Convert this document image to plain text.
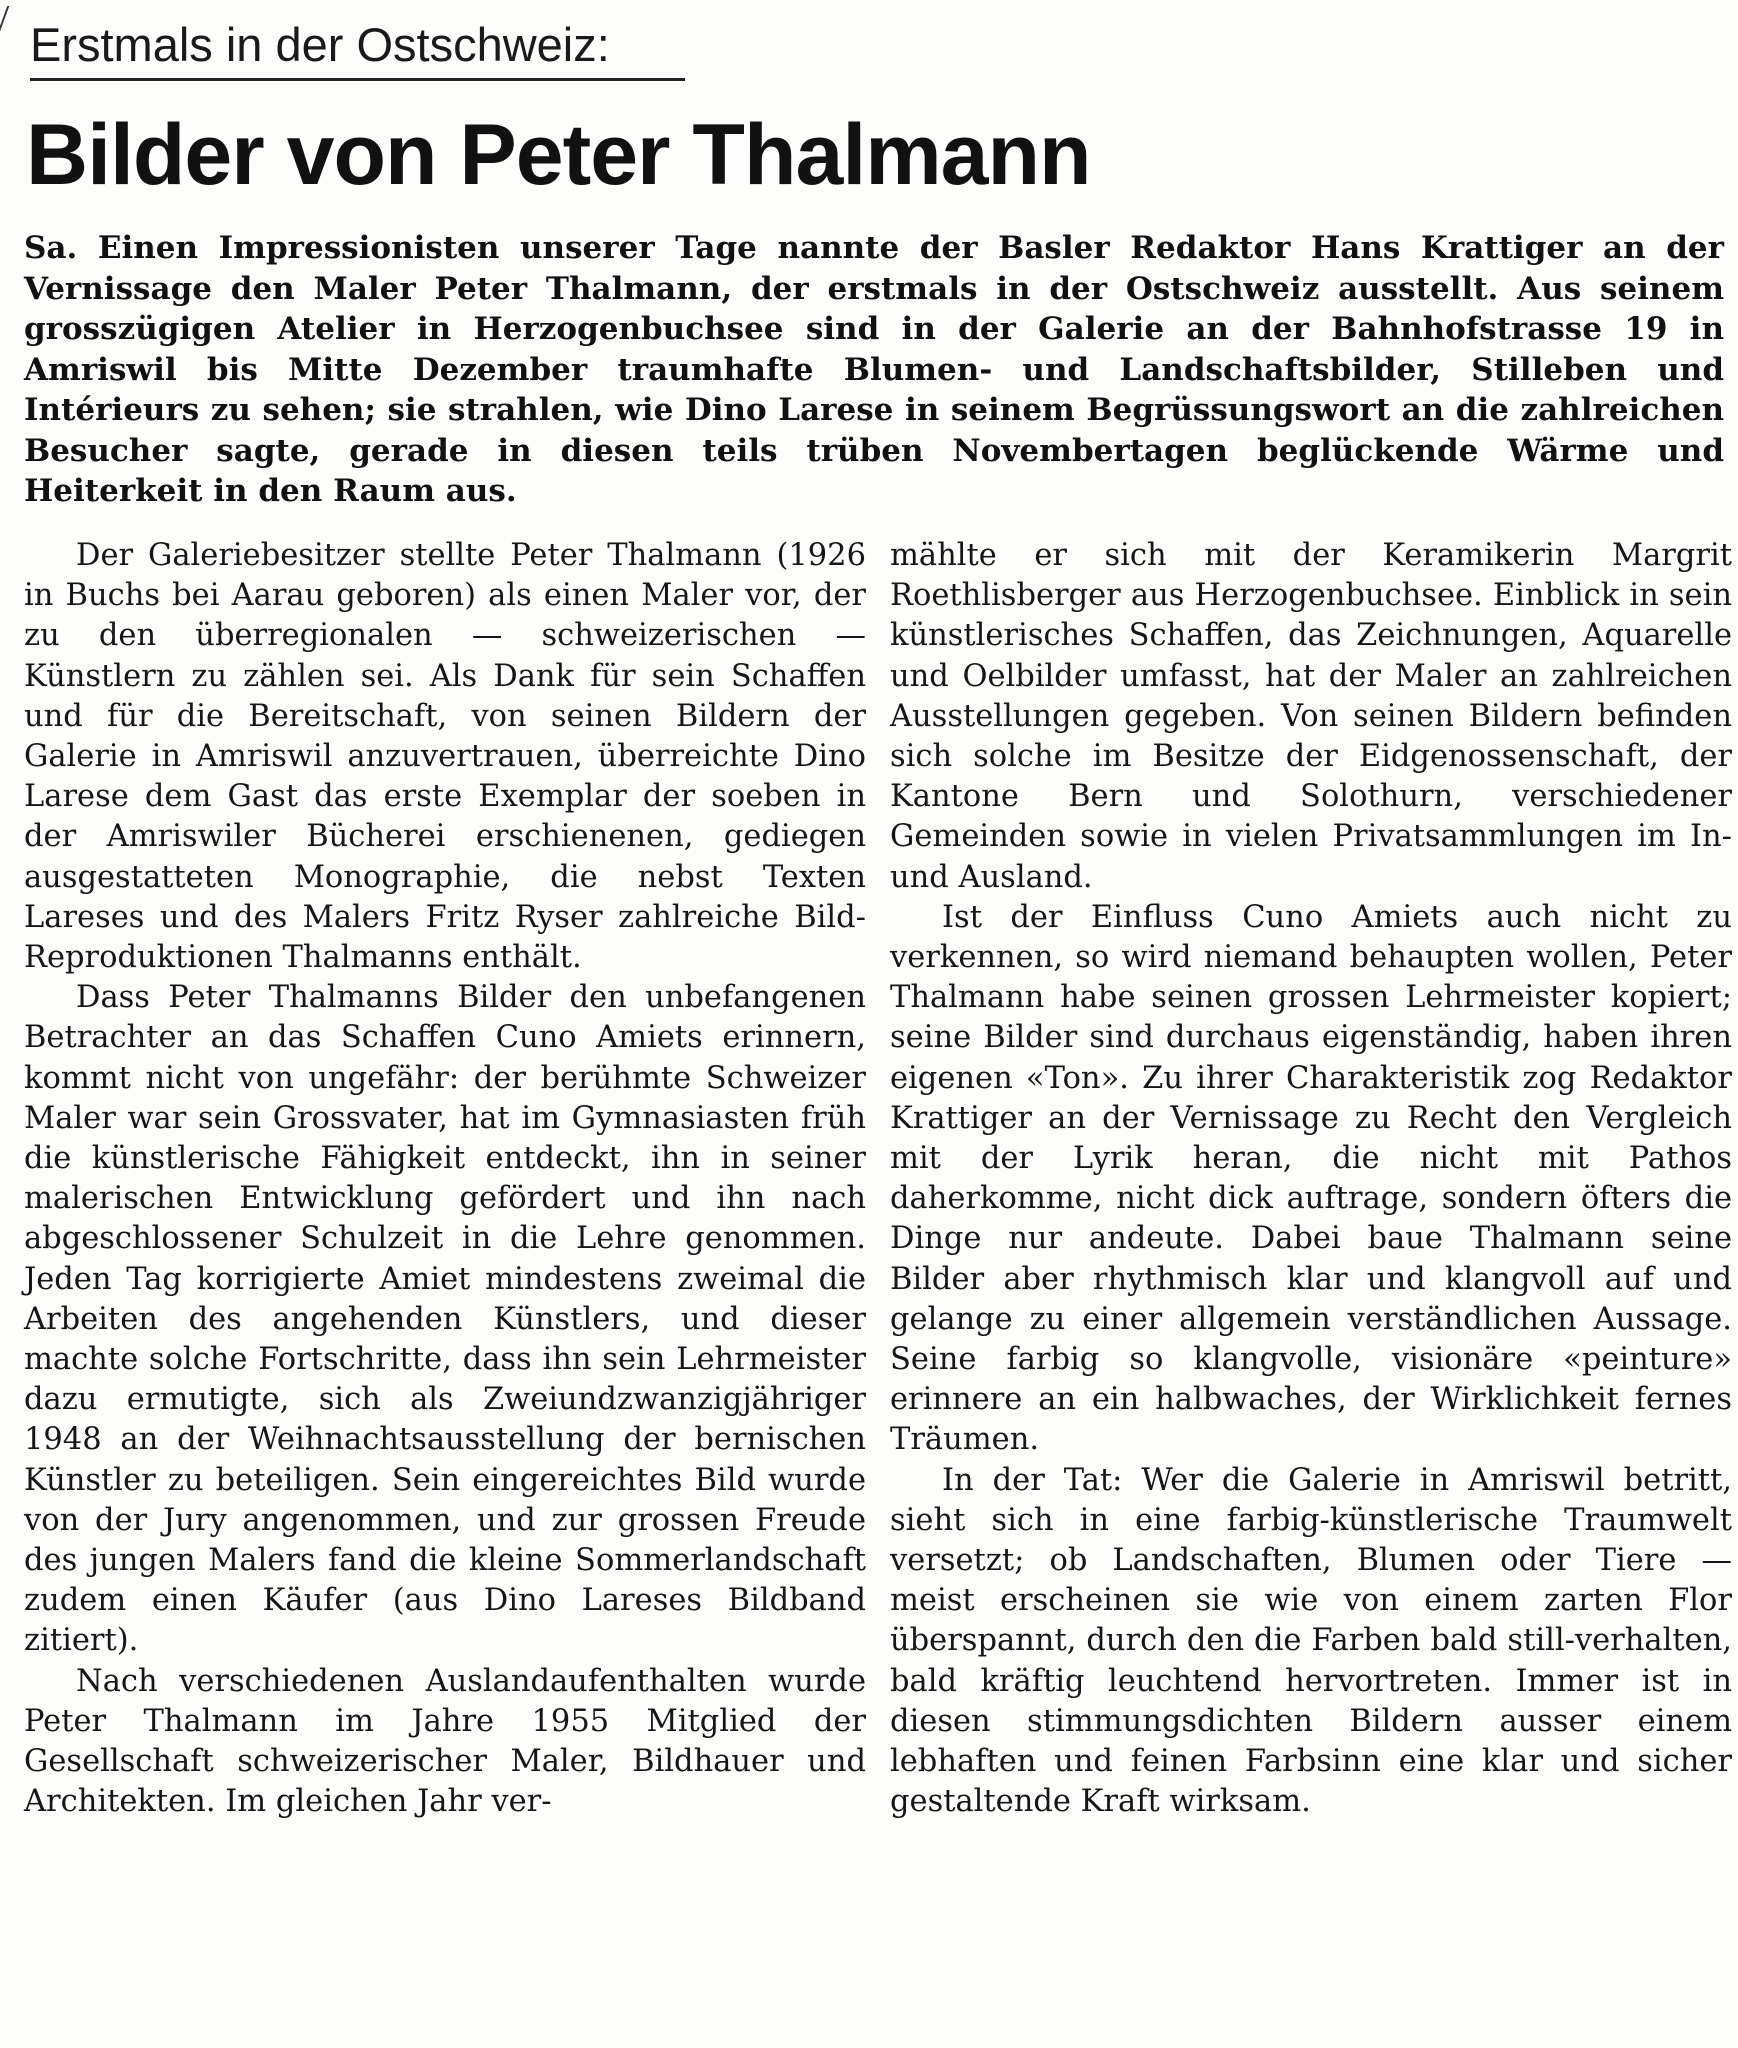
Erstmals in der Ostschweiz:
Bilder von Peter Thalmann
Sa. Einen Impressionisten unserer Tage nannte der Basler Redaktor Hans Krattiger an der Vernissage den Maler Peter Thalmann, der erstmals in der Ostschweiz ausstellt. Aus seinem grosszügigen Atelier in Herzogenbuchsee sind in der Galerie an der Bahnhofstrasse 19 in Amriswil bis Mitte Dezember traumhafte Blumen- und Landschaftsbilder, Stilleben und Intérieurs zu sehen; sie strahlen, wie Dino Larese in seinem Begrüssungswort an die zahlreichen Besucher sagte, gerade in diesen teils trüben Novembertagen beglückende Wärme und Heiterkeit in den Raum aus.

Der Galeriebesitzer stellte Peter Thalmann (1926 in Buchs bei Aarau geboren) als einen Maler vor, der zu den überregionalen — schweizerischen — Künstlern zu zählen sei. Als Dank für sein Schaffen und für die Bereitschaft, von seinen Bildern der Galerie in Amriswil anzuvertrauen, überreichte Dino Larese dem Gast das erste Exemplar der soeben in der Amriswiler Bücherei erschienenen, gediegen ausgestatteten Monographie, die nebst Texten Lareses und des Malers Fritz Ryser zahlreiche Bild-Reproduktionen Thalmanns enthält.

Dass Peter Thalmanns Bilder den unbefangenen Betrachter an das Schaffen Cuno Amiets erinnern, kommt nicht von ungefähr: der berühmte Schweizer Maler war sein Grossvater, hat im Gymnasiasten früh die künstlerische Fähigkeit entdeckt, ihn in seiner malerischen Entwicklung gefördert und ihn nach abgeschlossener Schulzeit in die Lehre genommen. Jeden Tag korrigierte Amiet mindestens zweimal die Arbeiten des angehenden Künstlers, und dieser machte solche Fortschritte, dass ihn sein Lehrmeister dazu ermutigte, sich als Zweiundzwanzigjähriger 1948 an der Weihnachtsausstellung der bernischen Künstler zu beteiligen. Sein eingereichtes Bild wurde von der Jury angenommen, und zur grossen Freude des jungen Malers fand die kleine Sommerlandschaft zudem einen Käufer (aus Dino Lareses Bildband zitiert).

Nach verschiedenen Auslandaufenthalten wurde Peter Thalmann im Jahre 1955 Mitglied der Gesellschaft schweizerischer Maler, Bildhauer und Architekten. Im gleichen Jahr ver-

mählte er sich mit der Keramikerin Margrit Roethlisberger aus Herzogenbuchsee. Einblick in sein künstlerisches Schaffen, das Zeichnungen, Aquarelle und Oelbilder umfasst, hat der Maler an zahlreichen Ausstellungen gegeben. Von seinen Bildern befinden sich solche im Besitze der Eidgenossenschaft, der Kantone Bern und Solothurn, verschiedener Gemeinden sowie in vielen Privatsammlungen im In- und Ausland.

Ist der Einfluss Cuno Amiets auch nicht zu verkennen, so wird niemand behaupten wollen, Peter Thalmann habe seinen grossen Lehrmeister kopiert; seine Bilder sind durchaus eigenständig, haben ihren eigenen «Ton». Zu ihrer Charakteristik zog Redaktor Krattiger an der Vernissage zu Recht den Vergleich mit der Lyrik heran, die nicht mit Pathos daherkomme, nicht dick auftrage, sondern öfters die Dinge nur andeute. Dabei baue Thalmann seine Bilder aber rhythmisch klar und klangvoll auf und gelange zu einer allgemein verständlichen Aussage. Seine farbig so klangvolle, visionäre «peinture» erinnere an ein halbwaches, der Wirklichkeit fernes Träumen.

In der Tat: Wer die Galerie in Amriswil betritt, sieht sich in eine farbig-künstlerische Traumwelt versetzt; ob Landschaften, Blumen oder Tiere — meist erscheinen sie wie von einem zarten Flor überspannt, durch den die Farben bald still-verhalten, bald kräftig leuchtend hervortreten. Immer ist in diesen stimmungsdichten Bildern ausser einem lebhaften und feinen Farbsinn eine klar und sicher gestaltende Kraft wirksam.
